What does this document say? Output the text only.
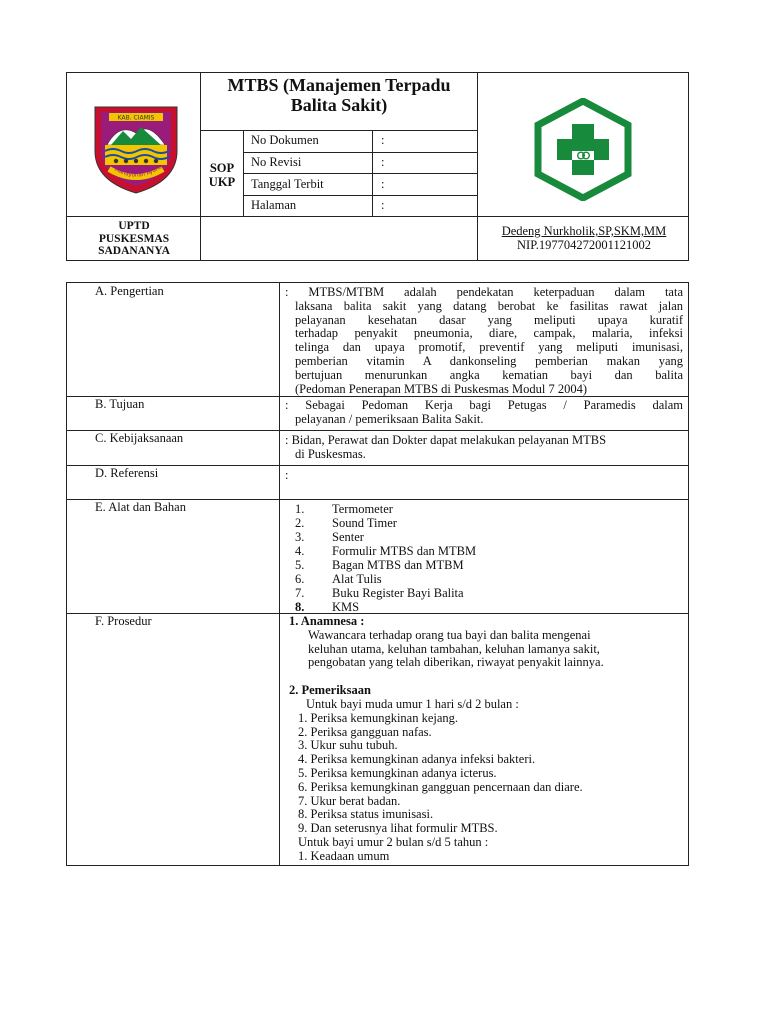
KAB. CIAMIS
Mahayunan Ayuna
MTBS (Manajemen Terpadu
Balita Sakit)
SOP
UKP
No Dokumen	:
No Revisi	:
Tanggal Terbit	:
Halaman	:
UPTD
PUSKESMAS
SADANANYA
Dedeng Nurkholik,SP,SKM,MM
NIP.197704272001121002
A. Pengertian	: MTBS/MTBM adalah pendekatan keterpaduan dalam tata

laksana balita sakit yang datang berobat ke fasilitas rawat jalan

pelayanan kesehatan dasar yang meliputi upaya kuratif

terhadap penyakit pneumonia, diare, campak, malaria, infeksi

telinga dan upaya promotif, preventif yang meliputi imunisasi,

pemberian vitamin A dankonseling pemberian makan yang

bertujuan menurunkan angka kematian bayi dan balita

(Pedoman Penerapan MTBS di Puskesmas Modul 7 2004)

B. Tujuan	: Sebagai Pedoman Kerja bagi Petugas / Paramedis dalam

pelayanan / pemeriksaan Balita Sakit.

C. Kebijaksanaan	: Bidan, Perawat dan Dokter dapat melakukan pelayanan MTBS
di Puskesmas.
D. Referensi	:
E. Alat dan Bahan	1. Termometer
2. Sound Timer
3. Senter
4. Formulir MTBS dan MTBM
5. Bagan MTBS dan MTBM
6. Alat Tulis
7. Buku Register Bayi Balita
8. KMS
F. Prosedur	1. Anamnesa :
Wawancara terhadap orang tua bayi dan balita mengenai
keluhan utama, keluhan tambahan, keluhan lamanya sakit,
pengobatan yang telah diberikan, riwayat penyakit lainnya.
2. Pemeriksaan
Untuk bayi muda umur 1 hari s/d 2 bulan :
1. Periksa kemungkinan kejang.
2. Periksa gangguan nafas.
3. Ukur suhu tubuh.
4. Periksa kemungkinan adanya infeksi bakteri.
5. Periksa kemungkinan adanya icterus.
6. Periksa kemungkinan gangguan pencernaan dan diare.
7. Ukur berat badan.
8. Periksa status imunisasi.
9. Dan seterusnya lihat formulir MTBS.
Untuk bayi umur 2 bulan s/d 5 tahun :
1. Keadaan umum
